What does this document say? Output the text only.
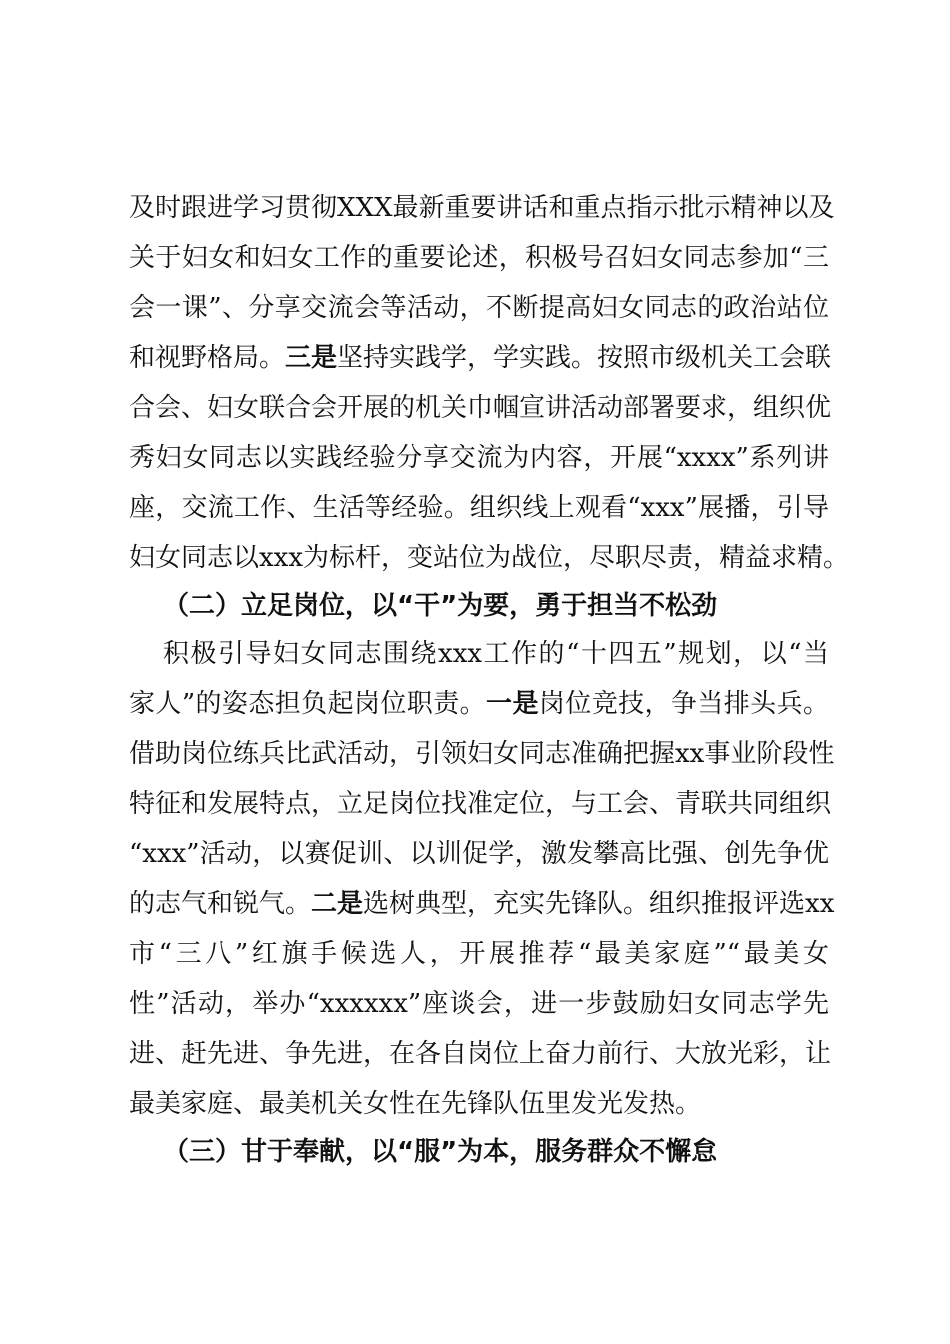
及时跟进学习贯彻XXX最新重要讲话和重点指示批示精神以及
关于妇女和妇女工作的重要论述，积极号召妇女同志参加“三
会一课”、分享交流会等活动，不断提高妇女同志的政治站位
和视野格局。三是坚持实践学，学实践。按照市级机关工会联
合会、妇女联合会开展的机关巾帼宣讲活动部署要求，组织优
秀妇女同志以实践经验分享交流为内容，开展“xxxx”系列讲
座，交流工作、生活等经验。组织线上观看“xxx”展播，引导
妇女同志以xxx为标杆，变站位为战位，尽职尽责，精益求精。
（二）立足岗位，以“干”为要，勇于担当不松劲
积极引导妇女同志围绕xxx工作的“十四五”规划，以“当
家人”的姿态担负起岗位职责。一是岗位竞技，争当排头兵。
借助岗位练兵比武活动，引领妇女同志准确把握xx事业阶段性
特征和发展特点，立足岗位找准定位，与工会、青联共同组织
“xxx”活动，以赛促训、以训促学，激发攀高比强、创先争优
的志气和锐气。二是选树典型，充实先锋队。组织推报评选xx
市“三八”红旗手候选人，开展推荐“最美家庭”“最美女
性”活动，举办“xxxxxx”座谈会，进一步鼓励妇女同志学先
进、赶先进、争先进，在各自岗位上奋力前行、大放光彩，让
最美家庭、最美机关女性在先锋队伍里发光发热。
（三）甘于奉献，以“服”为本，服务群众不懈怠
